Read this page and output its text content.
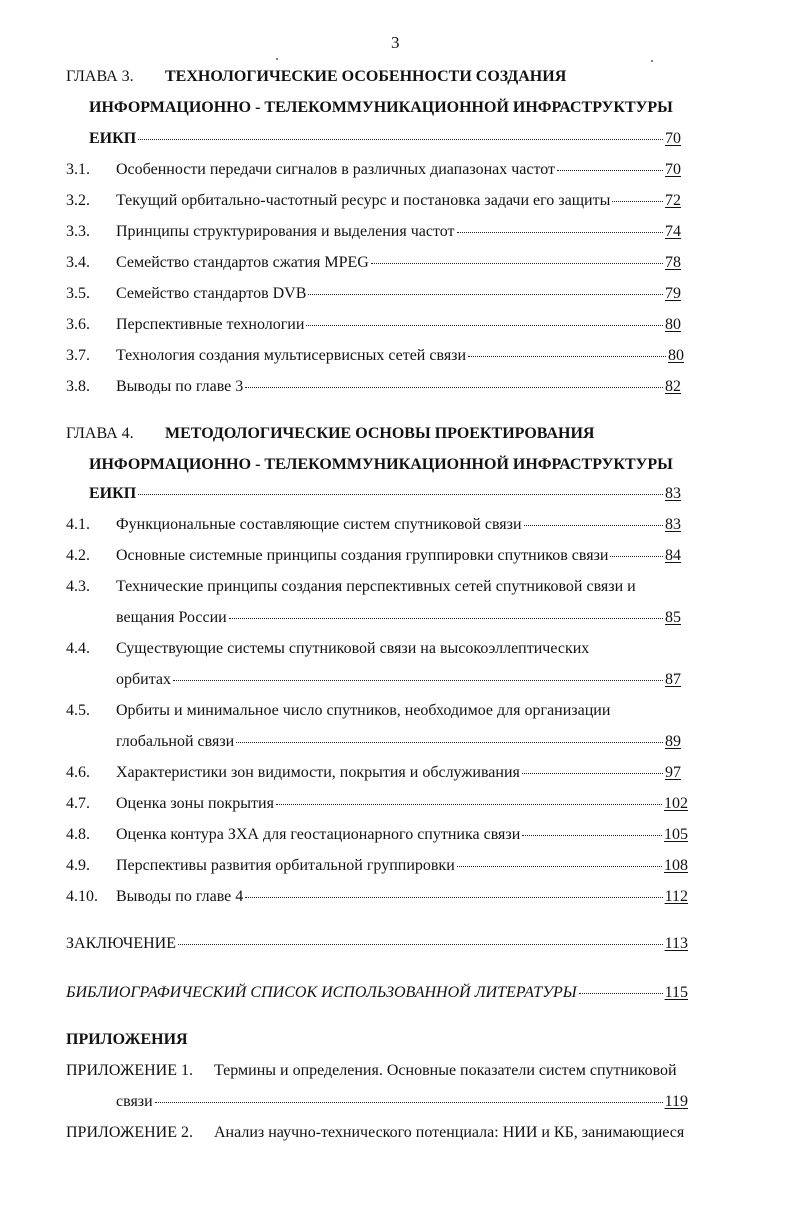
3
ГЛАВА 3. ТЕХНОЛОГИЧЕСКИЕ ОСОБЕННОСТИ СОЗДАНИЯ
ИНФОРМАЦИОННО - ТЕЛЕКОММУНИКАЦИОННОЙ ИНФРАСТРУКТУРЫ
ЕИКП	70
3.1. Особенности передачи сигналов в различных диапазонах частот	70
3.2. Текущий орбитально-частотный ресурс и постановка задачи его защиты	72
3.3. Принципы структурирования и выделения частот	74
3.4. Семейство стандартов сжатия MPEG	78
3.5. Семейство стандартов DVB	79
3.6. Перспективные технологии	80
3.7. Технология создания мультисервисных сетей связи	80
3.8. Выводы по главе 3	82
ГЛАВА 4. МЕТОДОЛОГИЧЕСКИЕ ОСНОВЫ ПРОЕКТИРОВАНИЯ
ИНФОРМАЦИОННО - ТЕЛЕКОММУНИКАЦИОННОЙ ИНФРАСТРУКТУРЫ
ЕИКП	83
4.1. Функциональные составляющие систем спутниковой связи	83
4.2. Основные системные принципы создания группировки спутников связи	84
4.3. Технические принципы создания перспективных сетей спутниковой связи и
вещания России	85
4.4. Существующие системы спутниковой связи на высокоэллептических
орбитах	87
4.5. Орбиты и минимальное число спутников, необходимое для организации
глобальной связи	89
4.6. Характеристики зон видимости, покрытия и обслуживания	97
4.7. Оценка зоны покрытия	102
4.8. Оценка контура ЗХА для геостационарного спутника связи	105
4.9. Перспективы развития орбитальной группировки	108
4.10. Выводы по главе 4	112
ЗАКЛЮЧЕНИЕ	113
БИБЛИОГРАФИЧЕСКИЙ СПИСОК ИСПОЛЬЗОВАННОЙ ЛИТЕРАТУРЫ	115
ПРИЛОЖЕНИЯ
ПРИЛОЖЕНИЕ 1. Термины и определения. Основные показатели систем спутниковой
связи	119
ПРИЛОЖЕНИЕ 2. Анализ научно-технического потенциала: НИИ и КБ, занимающиеся
